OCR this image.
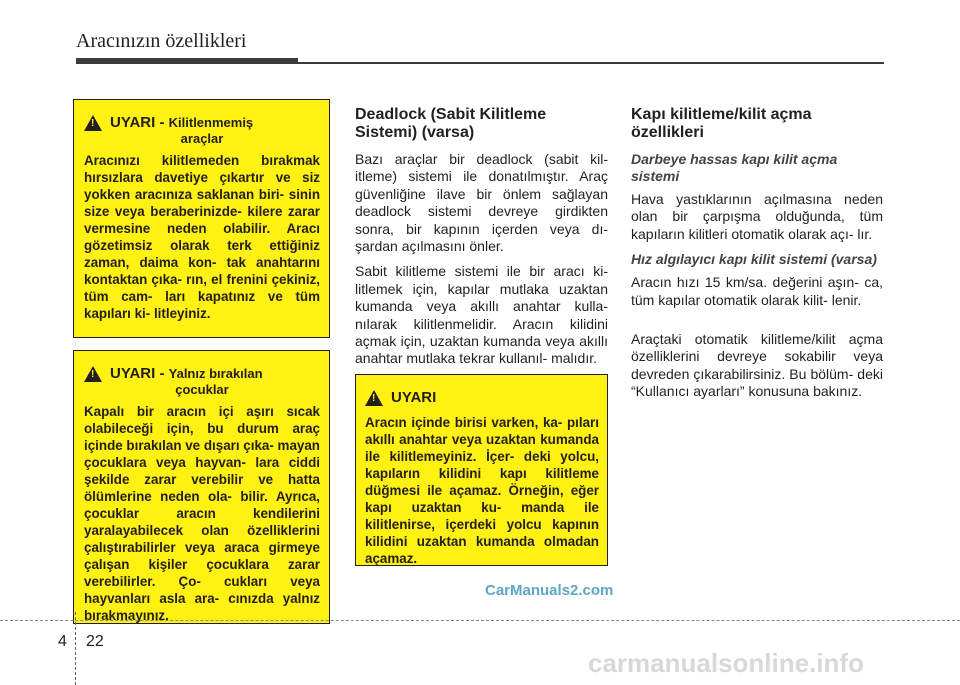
Aracınızın özellikleri
!
UYARI - Kilitlenmemiş
araçlar
Aracınızı kilitlemeden bırakmak hırsızlara davetiye çıkartır ve siz yokken aracınıza saklanan biri- sinin size veya beraberinizde- kilere zarar vermesine neden olabilir. Aracı gözetimsiz olarak terk ettiğiniz zaman, daima kon- tak anahtarını kontaktan çıka- rın, el frenini çekiniz, tüm cam- ları kapatınız ve tüm kapıları ki- litleyiniz.
!
UYARI - Yalnız bırakılan
çocuklar
Kapalı bir aracın içi aşırı sıcak olabileceği için, bu durum araç içinde bırakılan ve dışarı çıka- mayan çocuklara veya hayvan- lara ciddi şekilde zarar verebilir ve hatta ölümlerine neden ola- bilir. Ayrıca, çocuklar aracın kendilerini yaralayabilecek olan özelliklerini çalıştırabilirler veya araca girmeye çalışan kişiler çocuklara zarar verebilirler. Ço- cukları veya hayvanları asla ara- cınızda yalnız bırakmayınız.
Deadlock (Sabit Kilitleme Sistemi) (varsa)

Bazı araçlar bir deadlock (sabit kil- itleme) sistemi ile donatılmıştır. Araç güvenliğine ilave bir önlem sağlayan deadlock sistemi devreye girdikten sonra, bir kapının içerden veya dı- şardan açılmasını önler.

Sabit kilitleme sistemi ile bir aracı ki- litlemek için, kapılar mutlaka uzaktan kumanda veya akıllı anahtar kulla- nılarak kilitlenmelidir. Aracın kilidini açmak için, uzaktan kumanda veya akıllı anahtar mutlaka tekrar kullanıl- malıdır.

!
UYARI
Aracın içinde birisi varken, ka- pıları akıllı anahtar veya uzaktan kumanda ile kilitlemeyiniz. İçer- deki yolcu, kapıların kilidini kapı kilitleme düğmesi ile açamaz. Örneğin, eğer kapı uzaktan ku- manda ile kilitlenirse, içerdeki yolcu kapının kilidini uzaktan kumanda olmadan açamaz.
Kapı kilitleme/kilit açma özellikleri
Darbeye hassas kapı kilit açma sistemi

Hava yastıklarının açılmasına neden olan bir çarpışma olduğunda, tüm kapıların kilitleri otomatik olarak açı- lır.

Hız algılayıcı kapı kilit sistemi (varsa)

Aracın hızı 15 km/sa. değerini aşın- ca, tüm kapılar otomatik olarak kilit- lenir.

Araçtaki otomatik kilitleme/kilit açma özelliklerini devreye sokabilir veya devreden çıkarabilirsiniz. Bu bölüm- deki “Kullanıcı ayarları” konusuna bakınız.

CarManuals2.com
4 22
carmanualsonline.info
